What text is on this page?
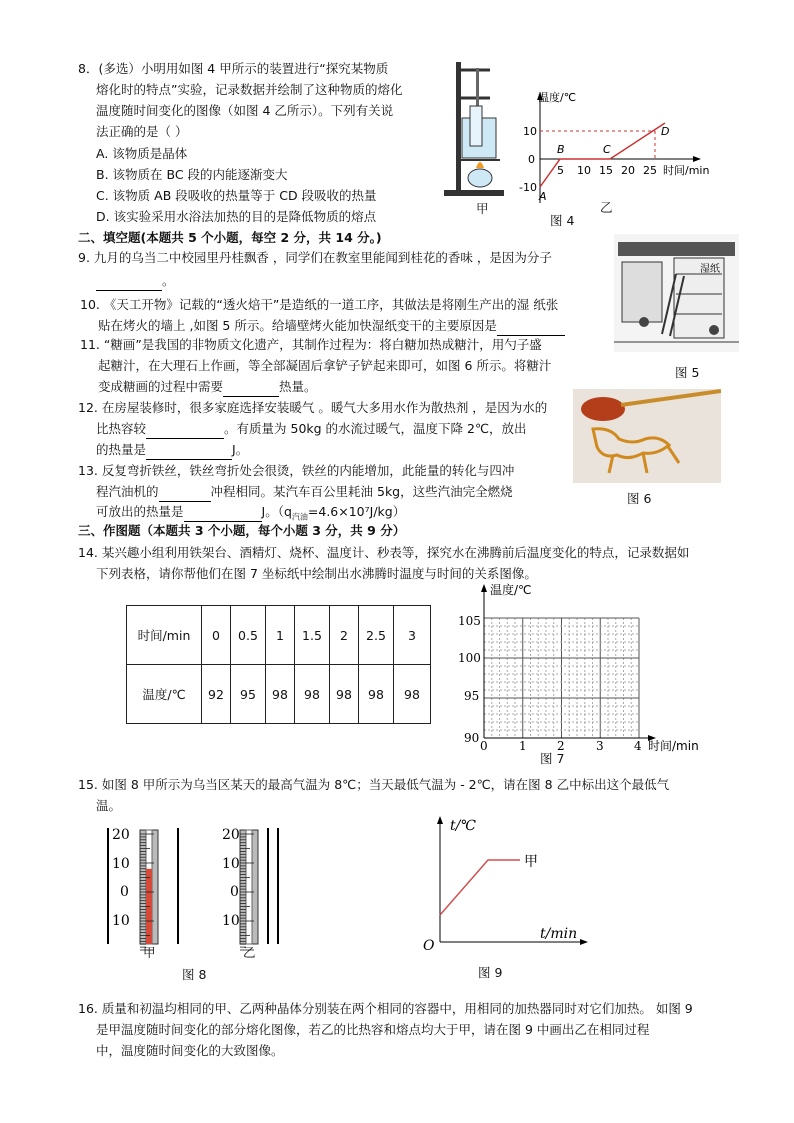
8．(多选）小明用如图 4 甲所示的装置进行“探究某物质
熔化时的特点”实验，记录数据并绘制了这种物质的熔化
温度随时间变化的图像（如图 4 乙所示）。下列有关说
法正确的是（ ）
A. 该物质是晶体
B. 该物质在 BC 段的内能逐渐变大
C. 该物质 AB 段吸收的热量等于 CD 段吸收的热量
D. 该实验采用水浴法加热的目的是降低物质的熔点
甲
温度/℃
时间/min
10
0
-10
5 10 15 20 25
A
B	C
D
图 4
乙
二、填空题(本题共 5 个小题，每空 2 分，共 14 分。)
9. 九月的乌当二中校园里丹桂飘香 ，同学们在教室里能闻到桂花的香味 ，是因为分子
。
10. 《天工开物》记载的“透火焙干”是造纸的一道工序，其做法是将刚生产出的湿 纸张
贴在烤火的墙上 ,如图 5 所示。给墙壁烤火能加快湿纸变干的主要原因是
11. “糖画”是我国的非物质文化遗产，其制作过程为：将白糖加热成糖汁，用勺子盛
起糖汁，在大理石上作画，等全部凝固后拿铲子铲起来即可，如图 6 所示。将糖汁
变成糖画的过程中需要	热量。
12. 在房屋装修时，很多家庭选择安装暖气 。暖气大多用水作为散热剂 ，是因为水的
比热容较	。有质量为 50kg 的水流过暖气，温度下降 2℃，放出
的热量是	J。
13. 反复弯折铁丝，铁丝弯折处会很烫，铁丝的内能增加，此能量的转化与四冲
程汽油机的	冲程相同。某汽车百公里耗油 5kg，这些汽油完全燃烧
可放出的热量是	J。$(q_{汽油}=4.6\times 10^7J/kg)$
湿纸
图 5
图 6
三、作图题（本题共 3 个小题，每个小题 3 分，共 9 分）
14. 某兴趣小组利用铁架台、酒精灯、烧杯、温度计、秒表等，探究水在沸腾前后温度变化的特点，记录数据如
下列表格，请你帮他们在图 7 坐标纸中绘制出水沸腾时温度与时间的关系图像。
时间/min	0	0.5	1	1.5	2	2.5	3
温度/℃	92	95	98	98	98	98	98
温度/℃
时间/min
105
100
95
90
0	1	2	3	4
图 7
15. 如图 8 甲所示为乌当区某天的最高气温为 8℃；当天最低气温为 - 2℃，请在图 8 乙中标出这个最低气
温。
20
10
0
10
20
10
0
10
甲	乙
图 8
t/℃
t/min
O
甲
图 9
16. 质量和初温均相同的甲、乙两种晶体分别装在两个相同的容器中，用相同的加热器同时对它们加热。 如图 9
是甲温度随时间变化的部分熔化图像，若乙的比热容和熔点均大于甲，请在图 9 中画出乙在相同过程
中，温度随时间变化的大致图像。
